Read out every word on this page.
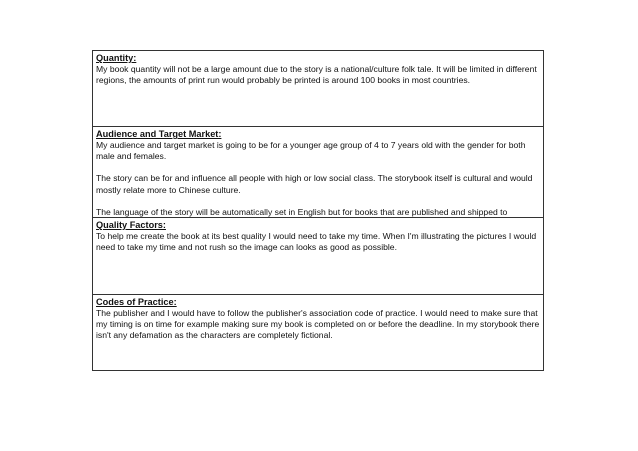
Quantity:

My book quantity will not be a large amount due to the story is a national/culture folk tale. It will be limited in different regions, the amounts of print run would probably be printed is around 100 books in most countries.

Audience and Target Market:

My audience and target market is going to be for a younger age group of 4 to 7 years old with the gender for both male and females.

The story can be for and influence all people with high or low social class. The storybook itself is cultural and would mostly relate more to Chinese culture.

The language of the story will be automatically set in English but for books that are published and shipped to

Quality Factors:

To help me create the book at its best quality I would need to take my time. When I'm illustrating the pictures I would need to take my time and not rush so the image can looks as good as possible.

Codes of Practice:

The publisher and I would have to follow the publisher's association code of practice. I would need to make sure that my timing is on time for example making sure my book is completed on or before the deadline. In my storybook there isn't any defamation as the characters are completely fictional.
